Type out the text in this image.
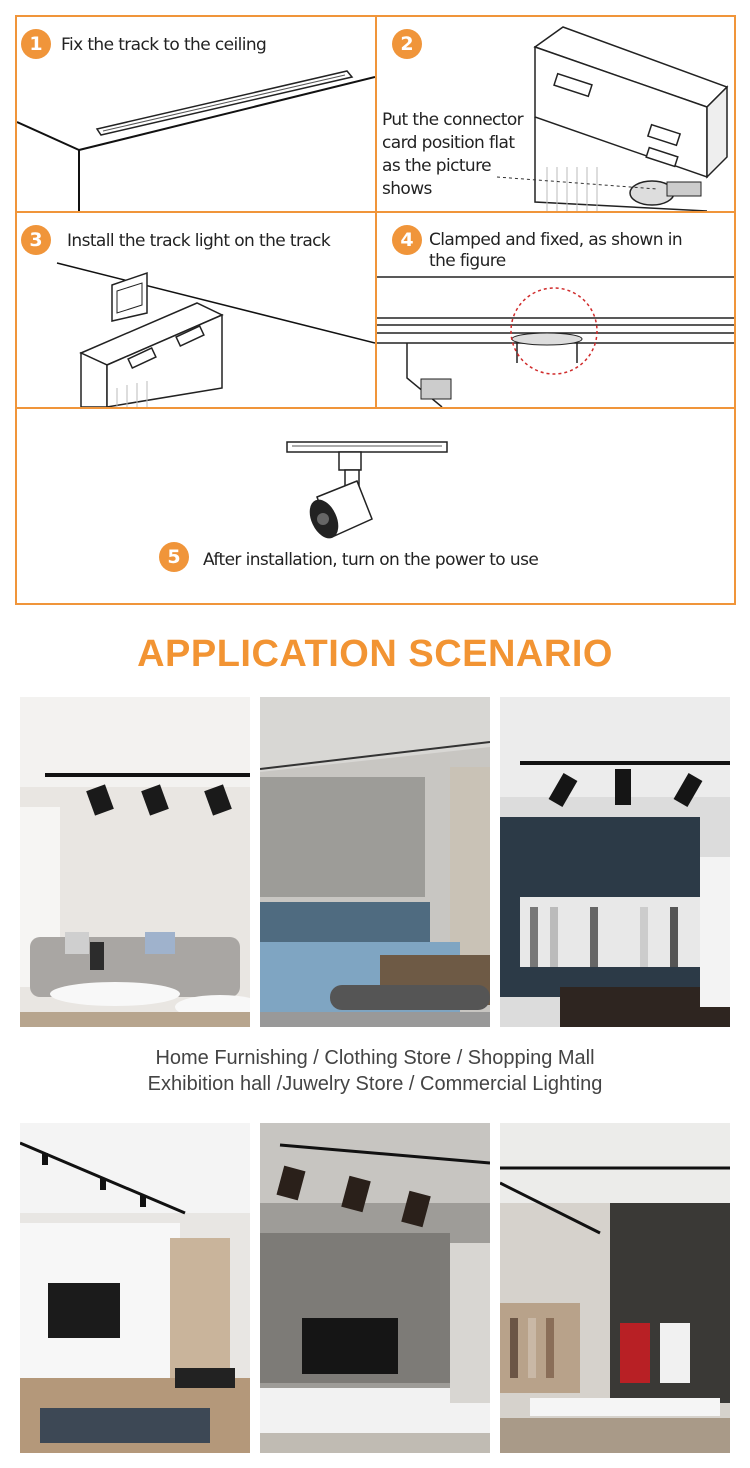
1	Fix the track to the ceiling	2
Put the connector
card position flat
as the picture
shows
3	Install the track light on the track	4 Clamped and fixed, as shown in
the figure
5	After installation, turn on the power to use
APPLICATION SCENARIO
Home Furnishing / Clothing Store / Shopping Mall
Exhibition hall /Juwelry Store / Commercial Lighting
